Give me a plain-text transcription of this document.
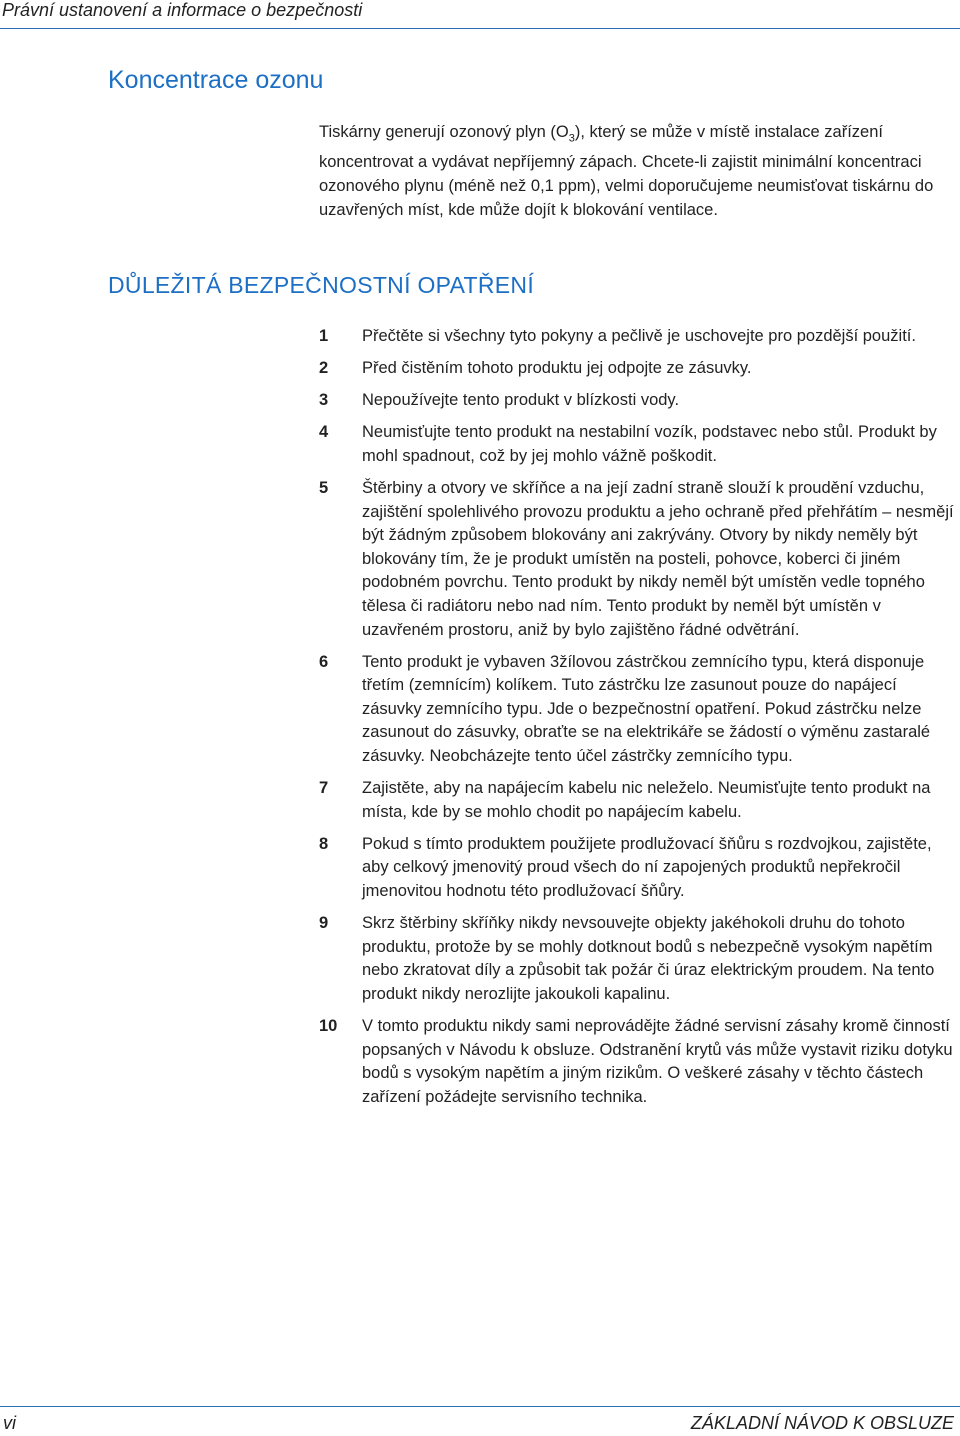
Právní ustanovení a informace o bezpečnosti
Koncentrace ozonu

Tiskárny generují ozonový plyn $(O_3)$, který se může v místě instalace zařízení koncentrovat a vydávat nepříjemný zápach. Chcete-li zajistit minimální koncentraci ozonového plynu (méně než 0,1 ppm), velmi doporučujeme neumisťovat tiskárnu do uzavřených míst, kde může dojít k blokování ventilace.

DŮLEŽITÁ BEZPEČNOSTNÍ OPATŘENÍ
1 Přečtěte si všechny tyto pokyny a pečlivě je uschovejte pro pozdější použití.
2 Před čistěním tohoto produktu jej odpojte ze zásuvky.
3 Nepoužívejte tento produkt v blízkosti vody.
4 Neumisťujte tento produkt na nestabilní vozík, podstavec nebo stůl. Produkt by mohl spadnout, což by jej mohlo vážně poškodit.
5 Štěrbiny a otvory ve skříňce a na její zadní straně slouží k proudění vzduchu, zajištění spolehlivého provozu produktu a jeho ochraně před přehřátím – nesmějí být žádným způsobem blokovány ani zakrývány. Otvory by nikdy neměly být blokovány tím, že je produkt umístěn na posteli, pohovce, koberci či jiném podobném povrchu. Tento produkt by nikdy neměl být umístěn vedle topného tělesa či radiátoru nebo nad ním. Tento produkt by neměl být umístěn v uzavřeném prostoru, aniž by bylo zajištěno řádné odvětrání.
6 Tento produkt je vybaven 3žílovou zástrčkou zemnícího typu, která disponuje třetím (zemnícím) kolíkem. Tuto zástrčku lze zasunout pouze do napájecí zásuvky zemnícího typu. Jde o bezpečnostní opatření. Pokud zástrčku nelze zasunout do zásuvky, obraťte se na elektrikáře se žádostí o výměnu zastaralé zásuvky. Neobcházejte tento účel zástrčky zemnícího typu.
7 Zajistěte, aby na napájecím kabelu nic neleželo. Neumisťujte tento produkt na místa, kde by se mohlo chodit po napájecím kabelu.
8 Pokud s tímto produktem použijete prodlužovací šňůru s rozdvojkou, zajistěte, aby celkový jmenovitý proud všech do ní zapojených produktů nepřekročil jmenovitou hodnotu této prodlužovací šňůry.
9 Skrz štěrbiny skříňky nikdy nevsouvejte objekty jakéhokoli druhu do tohoto produktu, protože by se mohly dotknout bodů s nebezpečně vysokým napětím nebo zkratovat díly a způsobit tak požár či úraz elektrickým proudem. Na tento produkt nikdy nerozlijte jakoukoli kapalinu.
10 V tomto produktu nikdy sami neprovádějte žádné servisní zásahy kromě činností popsaných v Návodu k obsluze. Odstranění krytů vás může vystavit riziku dotyku bodů s vysokým napětím a jiným rizikům. O veškeré zásahy v těchto částech zařízení požádejte servisního technika.
vi	ZÁKLADNÍ NÁVOD K OBSLUZE
